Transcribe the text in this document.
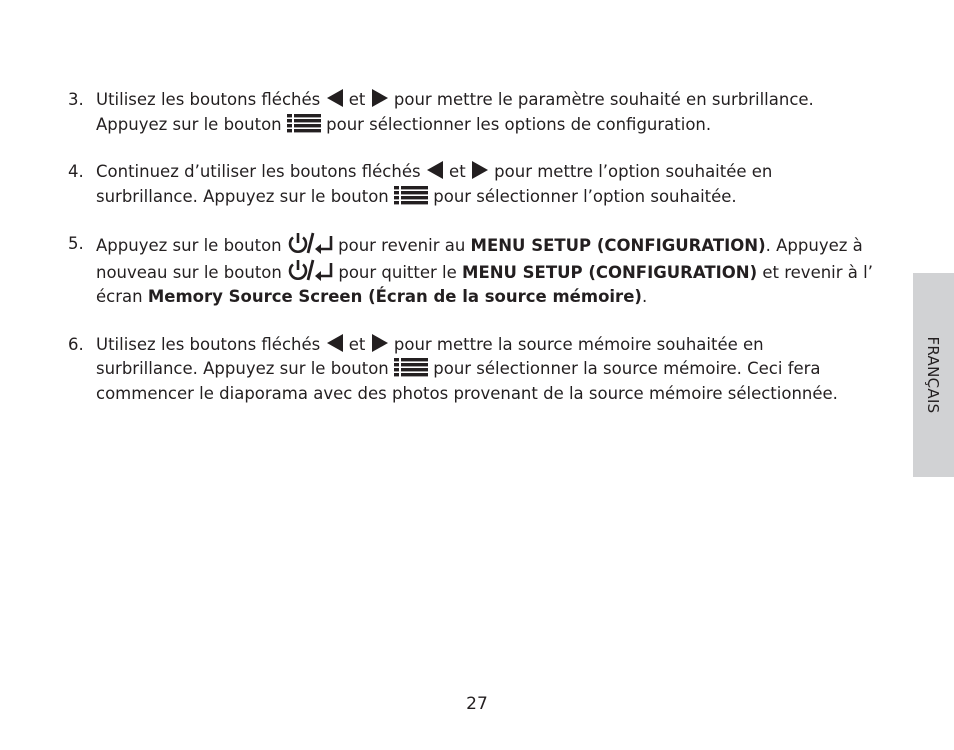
3. Utilisez les boutons fléchés  et  pour mettre le paramètre souhaité en surbrillance.
Appuyez sur le bouton  pour sélectionner les options de configuration.
4. Continuez d’utiliser les boutons fléchés  et  pour mettre l’option souhaitée en
surbrillance. Appuyez sur le bouton  pour sélectionner l’option souhaitée.
5. Appuyez sur le bouton	pour revenir au MENU SETUP (CONFIGURATION). Appuyez à
nouveau sur le bouton	pour quitter le MENU SETUP (CONFIGURATION) et revenir à l’
écran Memory Source Screen (Écran de la source mémoire).
6. Utilisez les boutons fléchés  et  pour mettre la source mémoire souhaitée en
surbrillance. Appuyez sur le bouton  pour sélectionner la source mémoire. Ceci fera
commencer le diaporama avec des photos provenant de la source mémoire sélectionnée.	FRANÇAIS
27
